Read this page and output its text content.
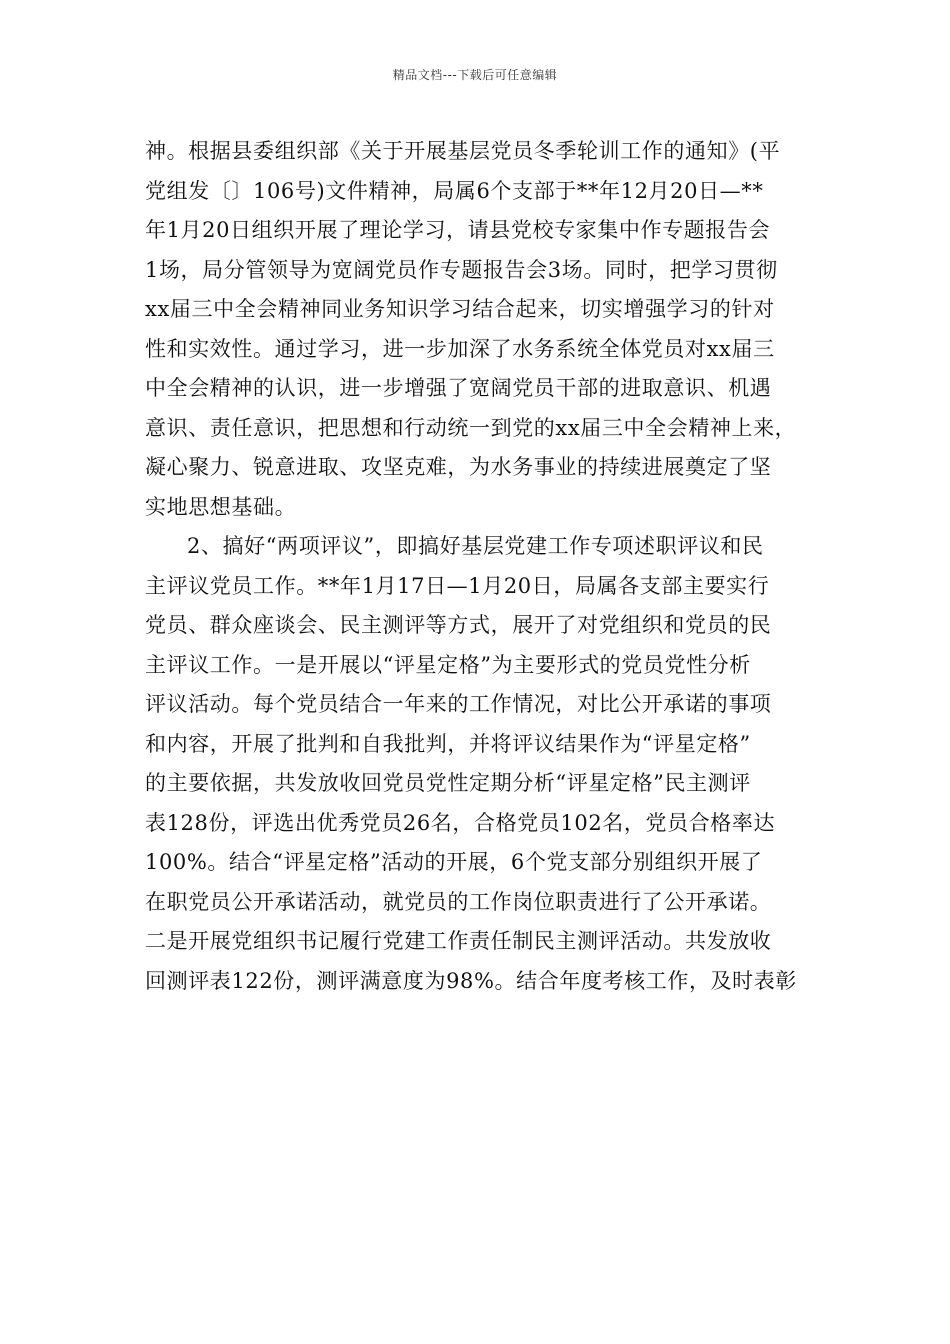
精品文档---下载后可任意编辑
神。根据县委组织部《关于开展基层党员冬季轮训工作的通知》(平
党组发〔〕106号)文件精神，局属6个支部于**年12月20日—**
年1月20日组织开展了理论学习，请县党校专家集中作专题报告会
1场，局分管领导为宽阔党员作专题报告会3场。同时，把学习贯彻
xx届三中全会精神同业务知识学习结合起来，切实增强学习的针对
性和实效性。通过学习，进一步加深了水务系统全体党员对xx届三
中全会精神的认识，进一步增强了宽阔党员干部的进取意识、机遇
意识、责任意识，把思想和行动统一到党的xx届三中全会精神上来，
凝心聚力、锐意进取、攻坚克难，为水务事业的持续进展奠定了坚
实地思想基础。
2、搞好“两项评议”，即搞好基层党建工作专项述职评议和民
主评议党员工作。**年1月17日—1月20日，局属各支部主要实行
党员、群众座谈会、民主测评等方式，展开了对党组织和党员的民
主评议工作。一是开展以“评星定格”为主要形式的党员党性分析
评议活动。每个党员结合一年来的工作情况，对比公开承诺的事项
和内容，开展了批判和自我批判，并将评议结果作为“评星定格”
的主要依据，共发放收回党员党性定期分析“评星定格”民主测评
表128份，评选出优秀党员26名，合格党员102名，党员合格率达
100%。结合“评星定格”活动的开展，6个党支部分别组织开展了
在职党员公开承诺活动，就党员的工作岗位职责进行了公开承诺。
二是开展党组织书记履行党建工作责任制民主测评活动。共发放收
回测评表122份，测评满意度为98%。结合年度考核工作，及时表彰
